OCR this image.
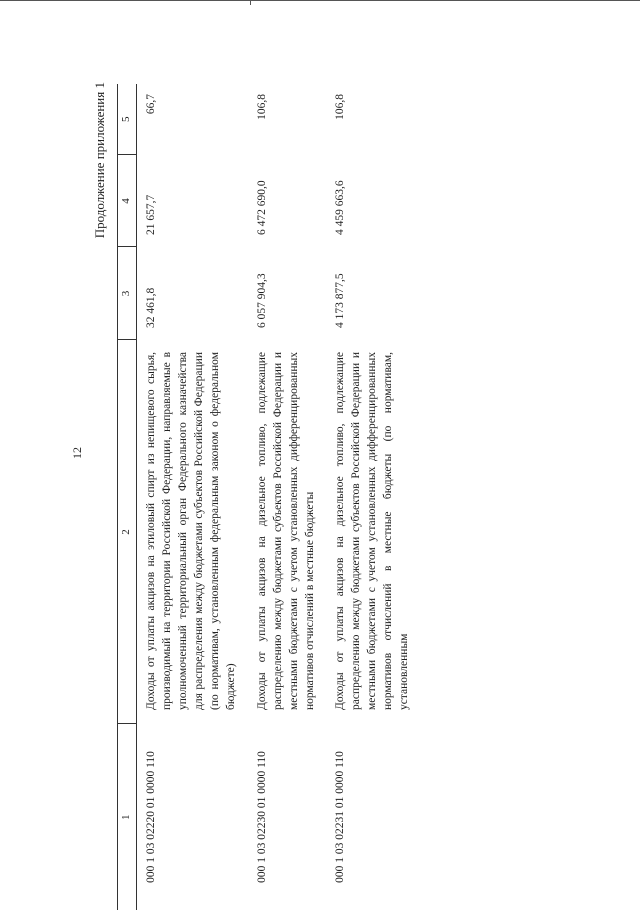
12
Продолжение приложения 1
1	2	3	4	5
000 1 03 02220 01 0000 110	Доходы от уплаты акцизов на этиловый спирт из непищевого сырья, производимый на территории Российской Федерации, направляемые в уполномоченный территориальный орган Федерального казначейства для распределения между бюджетами субъектов Российской Федерации (по нормативам, установленным федеральным законом о федеральном бюджете)	32 461,8	21 657,7	66,7
000 1 03 02230 01 0000 110	Доходы от уплаты акцизов на дизельное топливо, подлежащие распределению между бюджетами субъектов Российской Федерации и местными бюджетами с учетом установленных дифференцированных нормативов отчислений в местные бюджеты	6 057 904,3	6 472 690,0	106,8
000 1 03 02231 01 0000 110	Доходы от уплаты акцизов на дизельное топливо, подлежащие распределению между бюджетами субъектов Российской Федерации и местными бюджетами с учетом установленных дифференцированных нормативов отчислений в местные бюджеты (по нормативам, установленным	4 173 877,5	4 459 663,6	106,8
